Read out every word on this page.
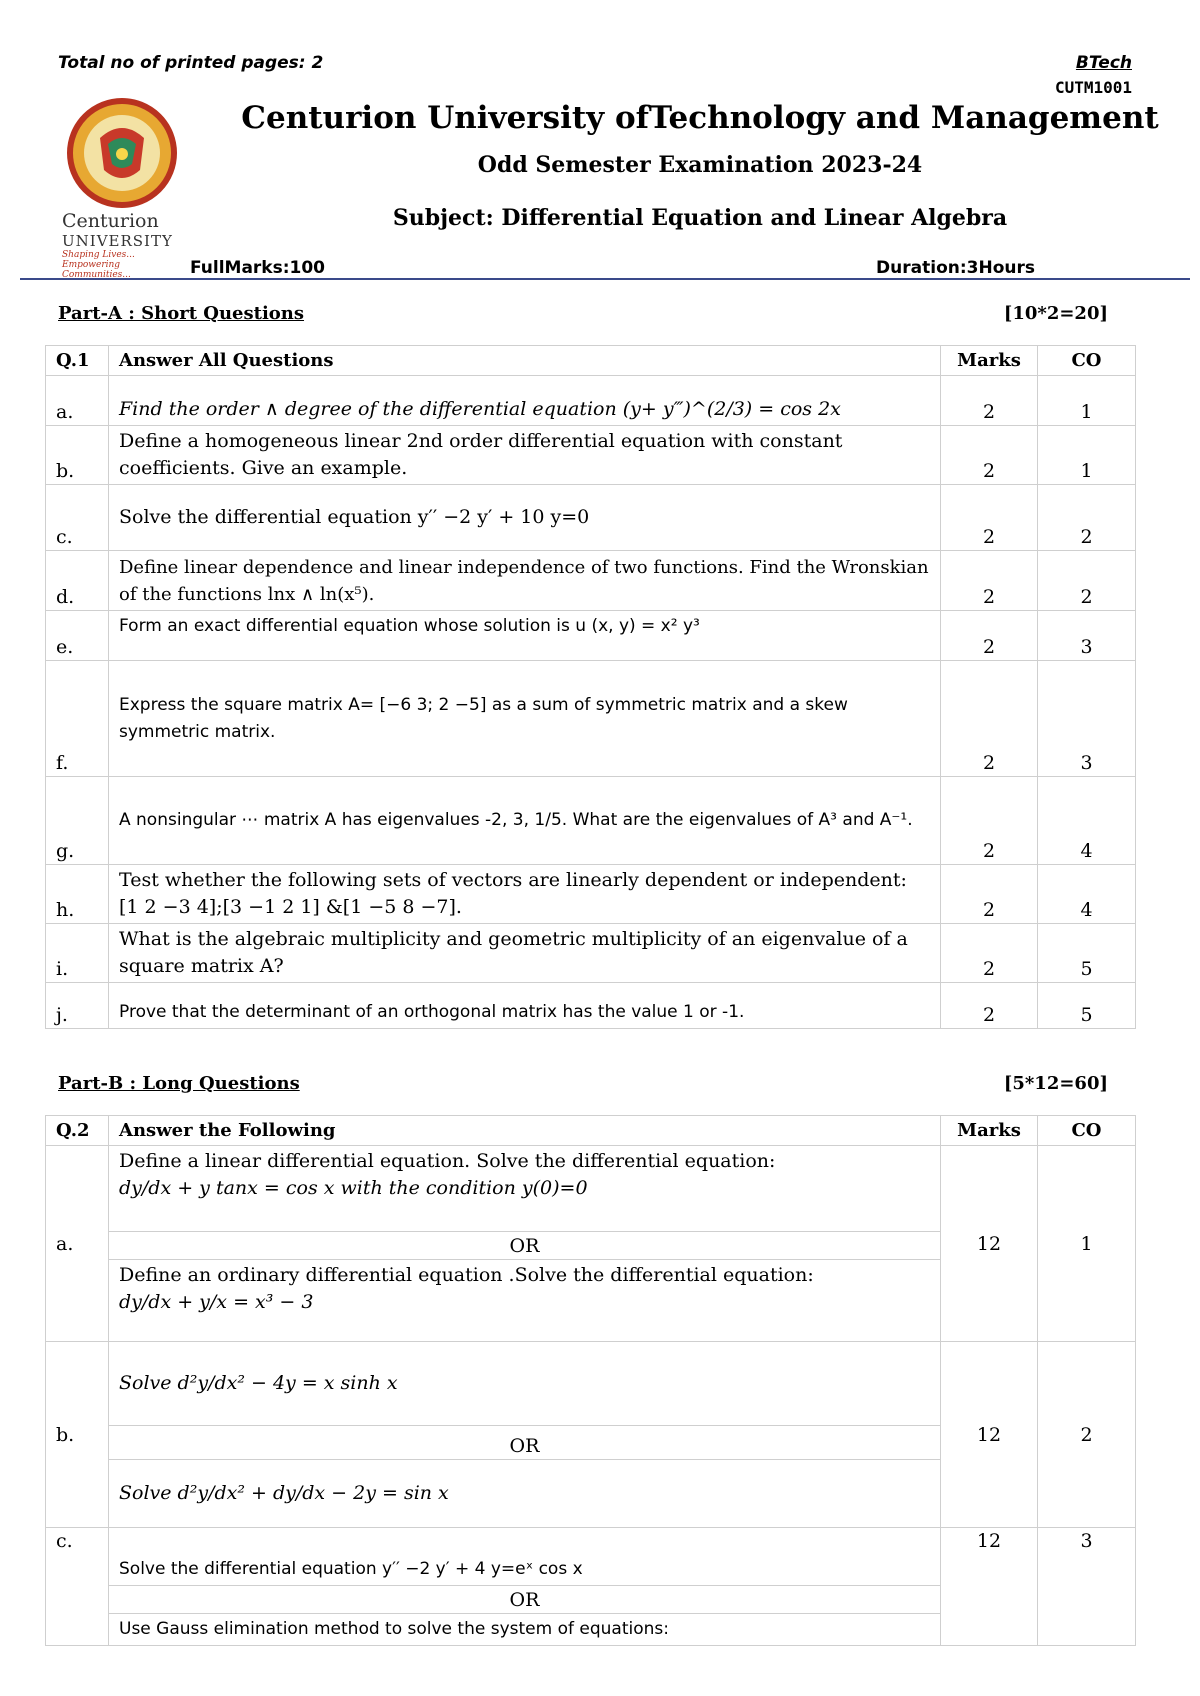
Total no of printed pages: 2	BTech
CUTM1001
Centurion
UNIVERSITY
Shaping Lives...
Empowering Communities...
Centurion University ofTechnology and Management
Odd Semester Examination 2023-24
Subject: Differential Equation and Linear Algebra
FullMarks:100	Duration:3Hours
Part-A : Short Questions	[10*2=20]
Q.1	Answer All Questions	Marks	CO
a.	Find the order ∧ degree of the differential equation (y+ y‴)^(2/3) = cos 2x	2	1
b.	Define a homogeneous linear 2nd order differential equation with constant coefficients. Give an example.	2	1
c.	Solve the differential equation y′′ −2 y′ + 10 y=0	2	2
d.	Define linear dependence and linear independence of two functions. Find the Wronskian of the functions lnx ∧ ln(x⁵).	2	2
e.	Form an exact differential equation whose solution is u (x, y) = x² y³	2	3
f.	Express the square matrix A= [−6 3; 2 −5] as a sum of symmetric matrix and a skew symmetric matrix.	2	3
g.	A nonsingular ⋯ matrix A has eigenvalues -2, 3, 1/5. What are the eigenvalues of A³ and A⁻¹.	2	4
h.	Test whether the following sets of vectors are linearly dependent or independent: [1 2 −3 4];[3 −1 2 1] &[1 −5 8 −7].	2	4
i.	What is the algebraic multiplicity and geometric multiplicity of an eigenvalue of a square matrix A?	2	5
j.	Prove that the determinant of an orthogonal matrix has the value 1 or -1.	2	5
Part-B : Long Questions	[5*12=60]
Q.2	Answer the Following	Marks	CO
a.	Define a linear differential equation. Solve the differential equation:
dy/dx + y tanx = cos x with the condition y(0)=0	12	1
	OR		

	Define an ordinary differential equation .Solve the differential equation:
dy/dx + y/x = x³ − 3		

b.	Solve d²y/dx² − 4y = x sinh x	12	2
	OR		
	Solve d²y/dx² + dy/dx − 2y = sin x		
c.	Solve the differential equation y′′ −2 y′ + 4 y=eˣ cos x	12	3
	OR		
	Use Gauss elimination method to solve the system of equations:		
